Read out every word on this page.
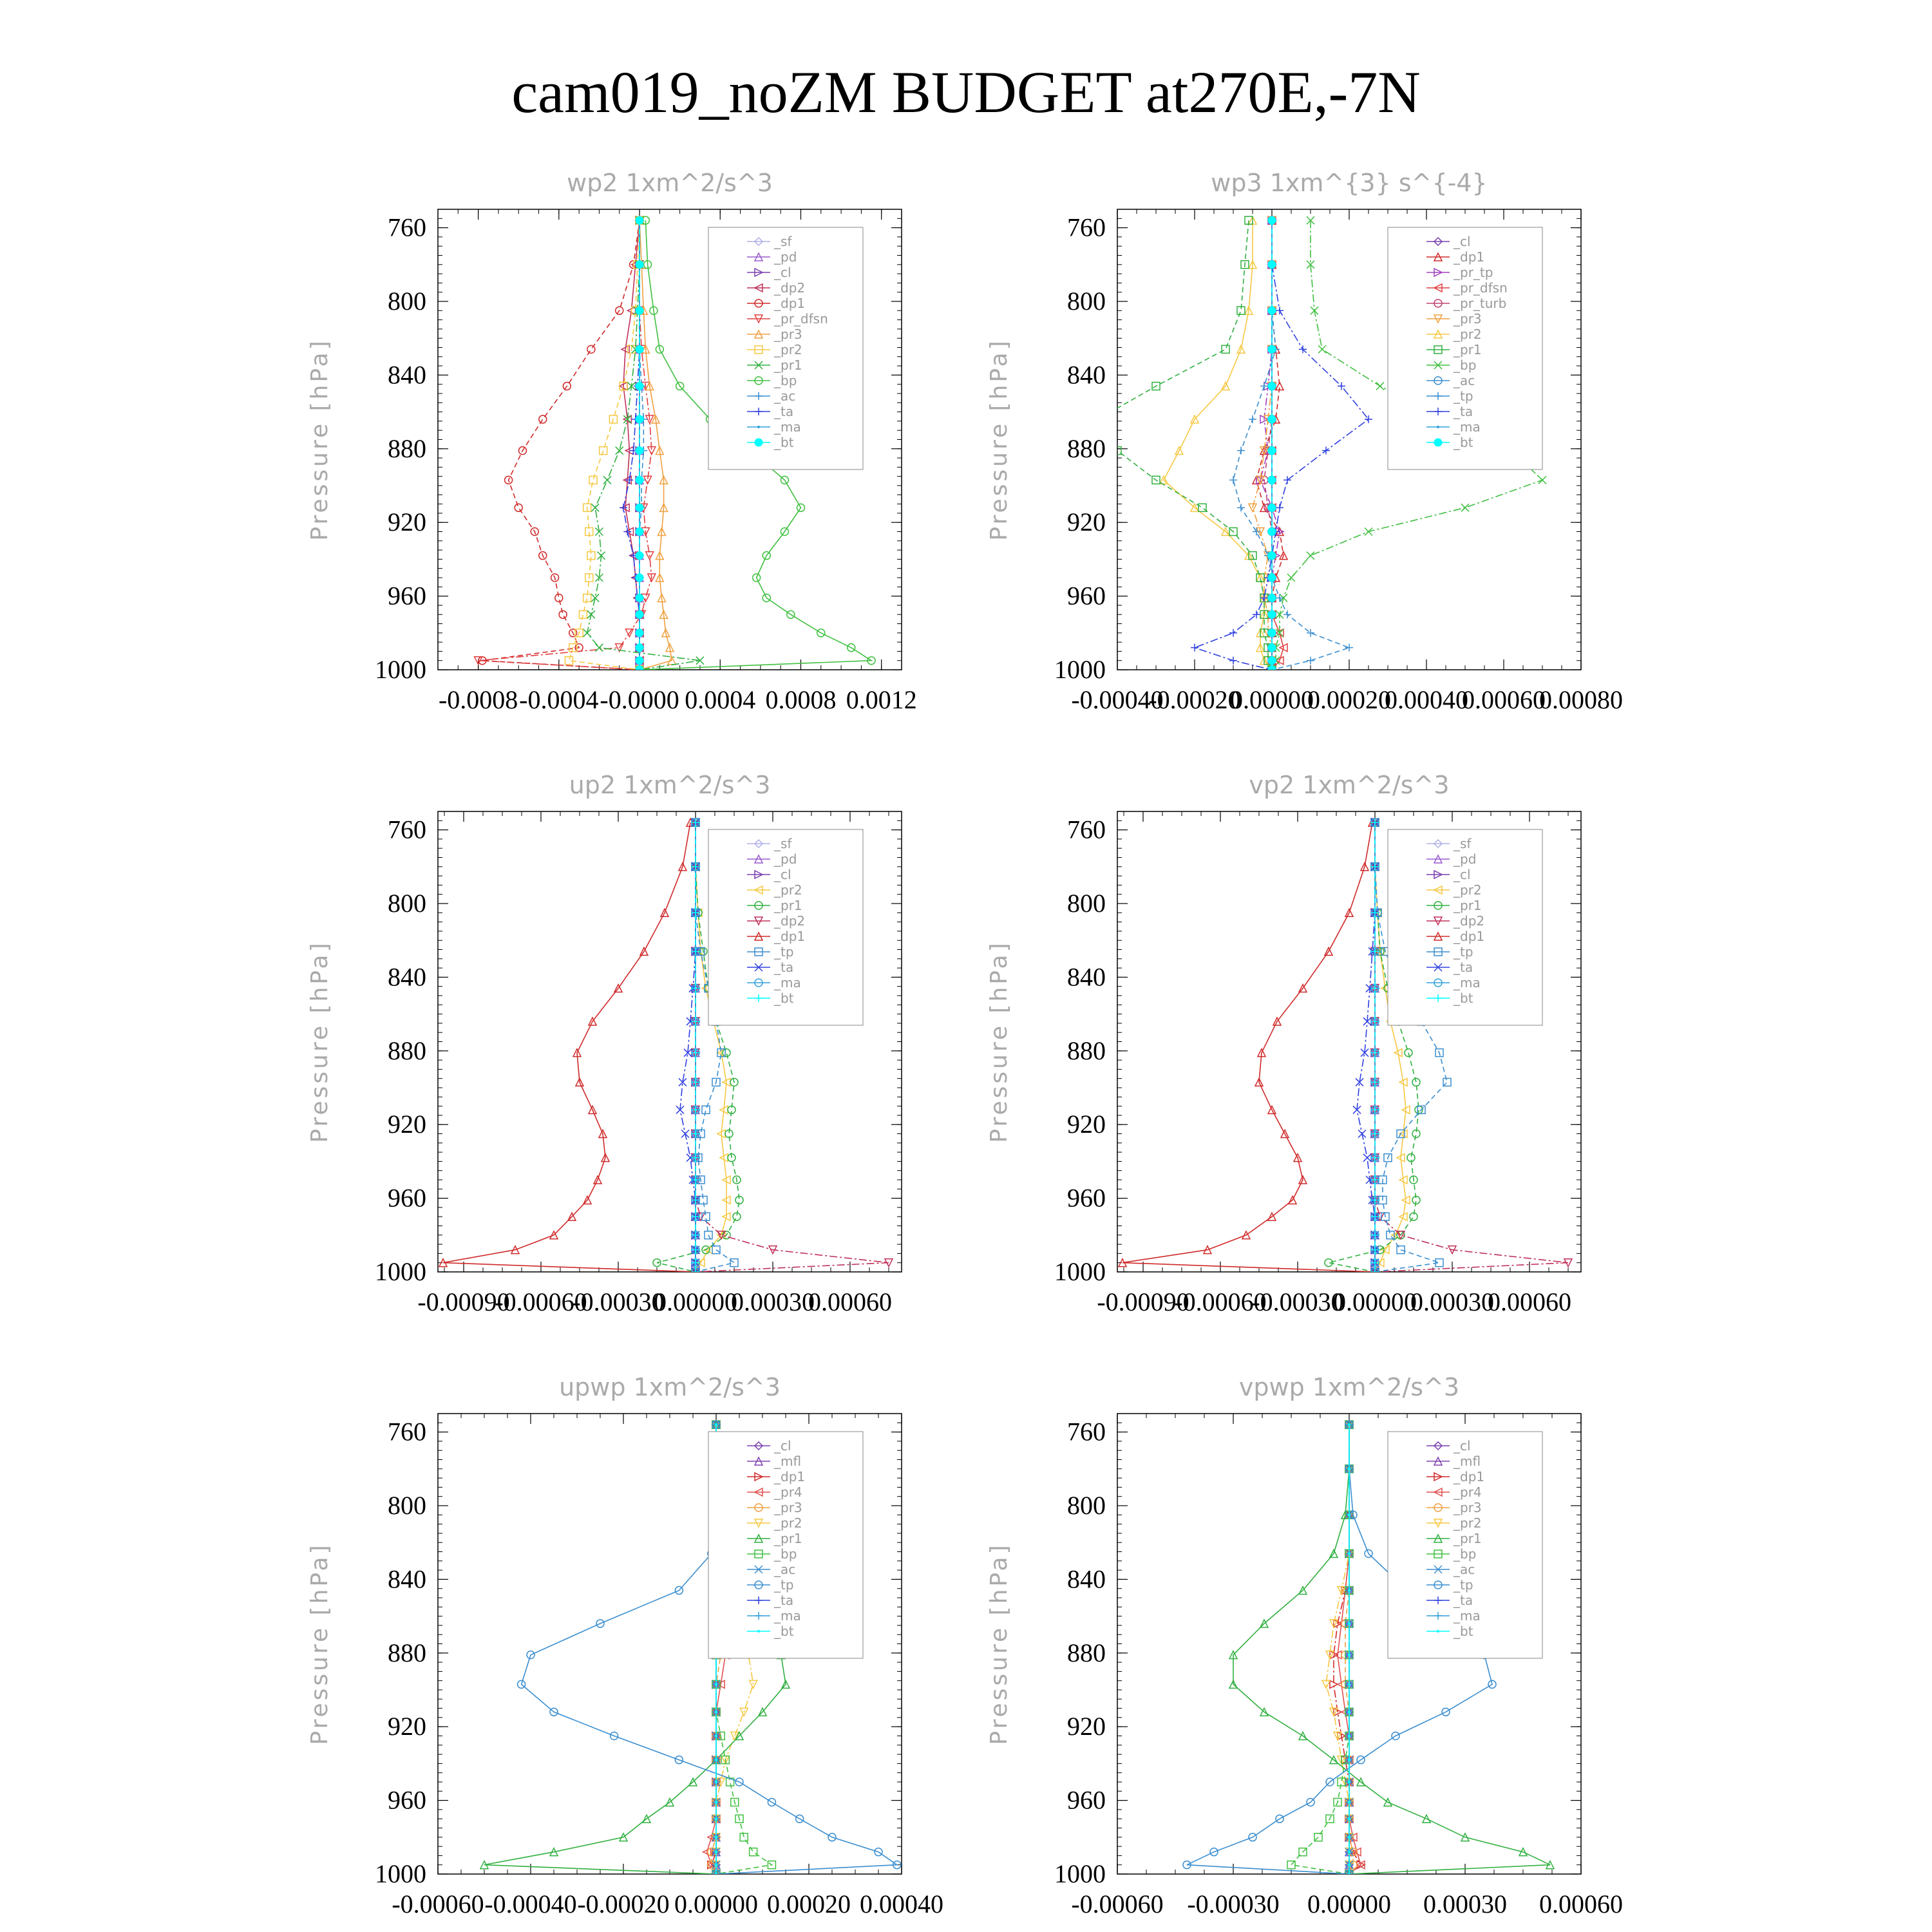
cam019_noZM BUDGET at270E,-7N
wp2 1xm^2/s^3
Pressure [hPa]
760
800
840
880
920
960
1000
-0.0008 -0.0004 -0.0000 0.0004 0.0008 0.0012
_sf
_pd
_cl
_dp2
_dp1
_pr_dfsn
_pr3
_pr2
_pr1
_bp
_ac
_ta
_ma
_bt
wp3 1xm^{3} s^{-4}
Pressure [hPa]
760
800
840
880
920
960
1000
-0.00040
-0.00020
0.00000
0.00020
0.00040
0.00060
0.00080
_cl
_dp1
_pr_tp
_pr_dfsn
_pr_turb
_pr3
_pr2
_pr1
_bp
_ac
_tp
_ta
_ma
_bt
up2 1xm^2/s^3
Pressure [hPa]
760
800
840
880
920
960
1000
-0.00090
-0.00060
-0.00030
0.00000
0.00030
0.00060
_sf
_pd
_cl
_pr2
_pr1
_dp2
_dp1
_tp
_ta
_ma
_bt
vp2 1xm^2/s^3
Pressure [hPa]
760
800
840
880
920
960
1000
-0.00090
-0.00060
-0.00030
0.00000
0.00030
0.00060
_sf
_pd
_cl
_pr2
_pr1
_dp2
_dp1
_tp
_ta
_ma
_bt
upwp 1xm^2/s^3
Pressure [hPa]
760
800
840
880
920
960
1000
-0.00060 -0.00040 -0.00020 0.00000 0.00020 0.00040
_cl
_mfl
_dp1
_pr4
_pr3
_pr2
_pr1
_bp
_ac
_tp
_ta
_ma
_bt
vpwp 1xm^2/s^3
Pressure [hPa]
760
800
840
880
920
960
1000
-0.00060 -0.00030 0.00000 0.00030 0.00060
_cl
_mfl
_dp1
_pr4
_pr3
_pr2
_pr1
_bp
_ac
_tp
_ta
_ma
_bt
